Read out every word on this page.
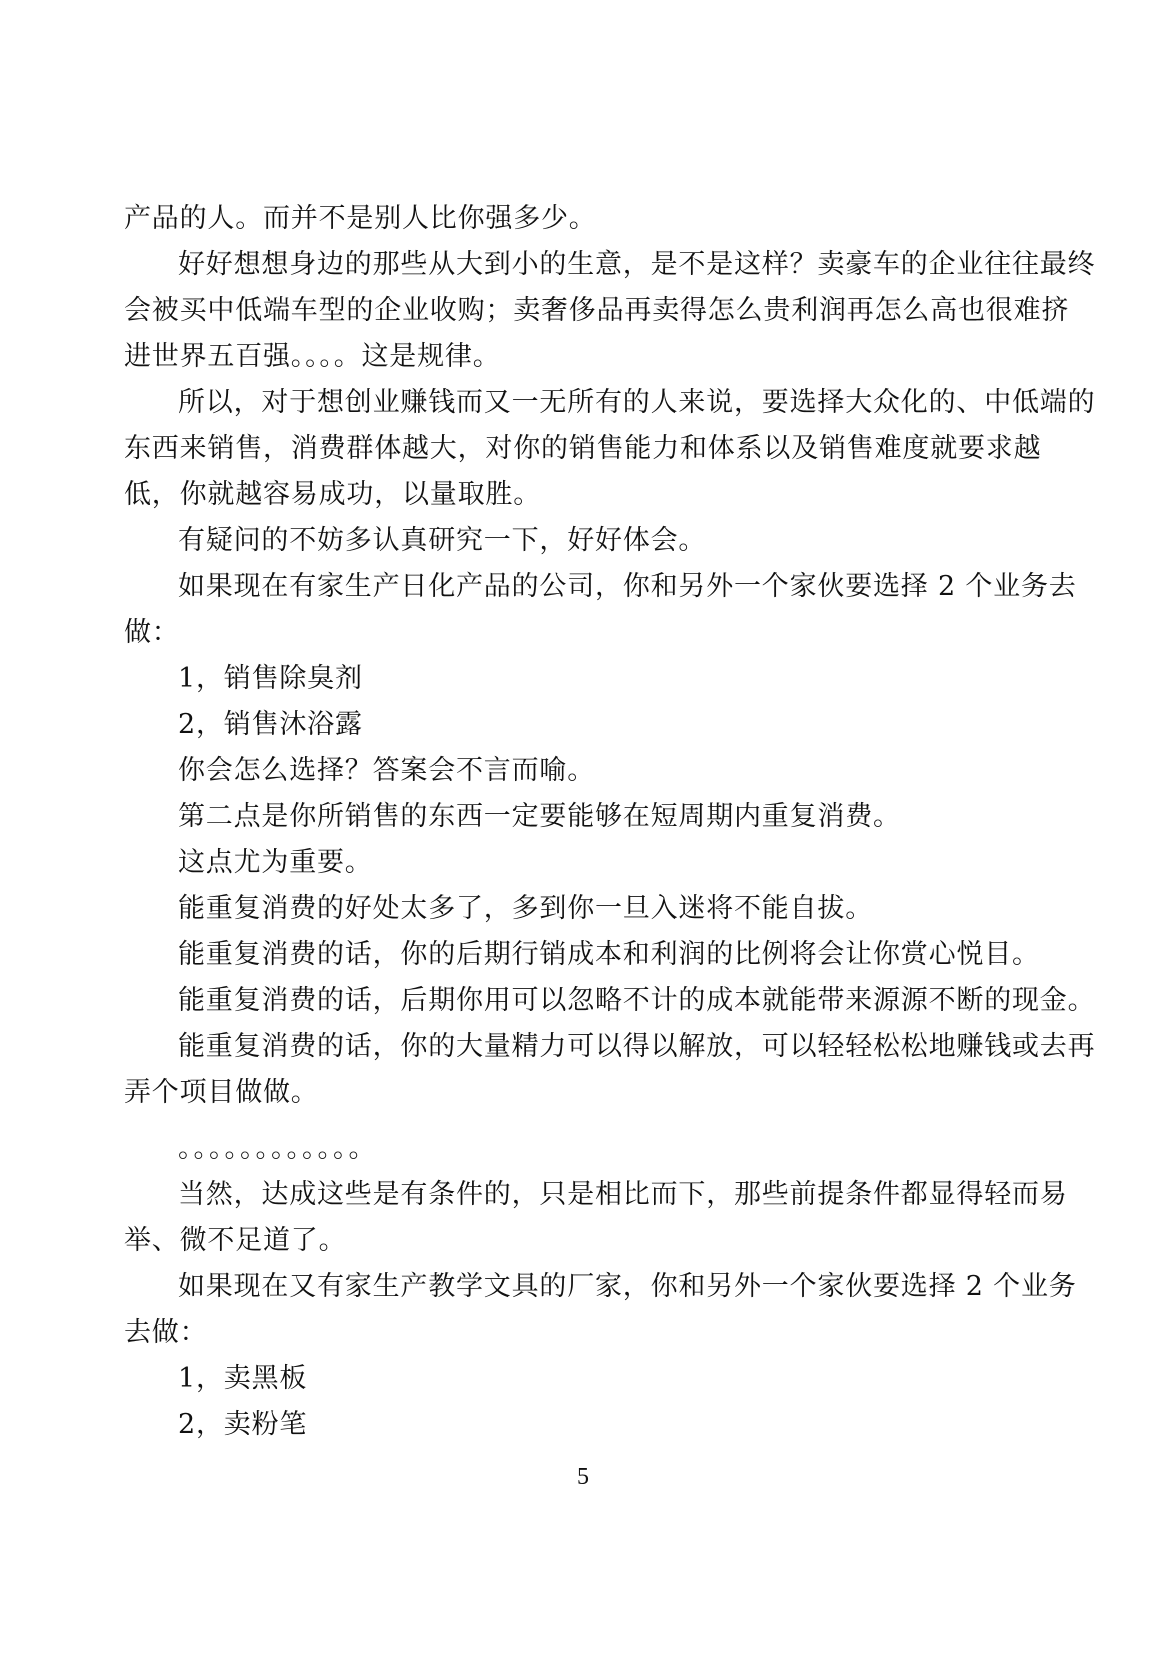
产品的人。而并不是别人比你强多少。

好好想想身边的那些从大到小的生意，是不是这样？卖豪车的企业往往最终会被买中低端车型的企业收购；卖奢侈品再卖得怎么贵利润再怎么高也很难挤进世界五百强。。。。这是规律。

所以，对于想创业赚钱而又一无所有的人来说，要选择大众化的、中低端的东西来销售，消费群体越大，对你的销售能力和体系以及销售难度就要求越低，你就越容易成功，以量取胜。

有疑问的不妨多认真研究一下，好好体会。

如果现在有家生产日化产品的公司，你和另外一个家伙要选择 2 个业务去做：

1，销售除臭剂

2，销售沐浴露

你会怎么选择？答案会不言而喻。

第二点是你所销售的东西一定要能够在短周期内重复消费。

这点尤为重要。

能重复消费的好处太多了，多到你一旦入迷将不能自拔。

能重复消费的话，你的后期行销成本和利润的比例将会让你赏心悦目。

能重复消费的话，后期你用可以忽略不计的成本就能带来源源不断的现金。

能重复消费的话，你的大量精力可以得以解放，可以轻轻松松地赚钱或去再弄个项目做做。

。。。。。。。。。。。。

当然，达成这些是有条件的，只是相比而下，那些前提条件都显得轻而易举、微不足道了。

如果现在又有家生产教学文具的厂家，你和另外一个家伙要选择 2 个业务去做：

1，卖黑板

2，卖粉笔

5
